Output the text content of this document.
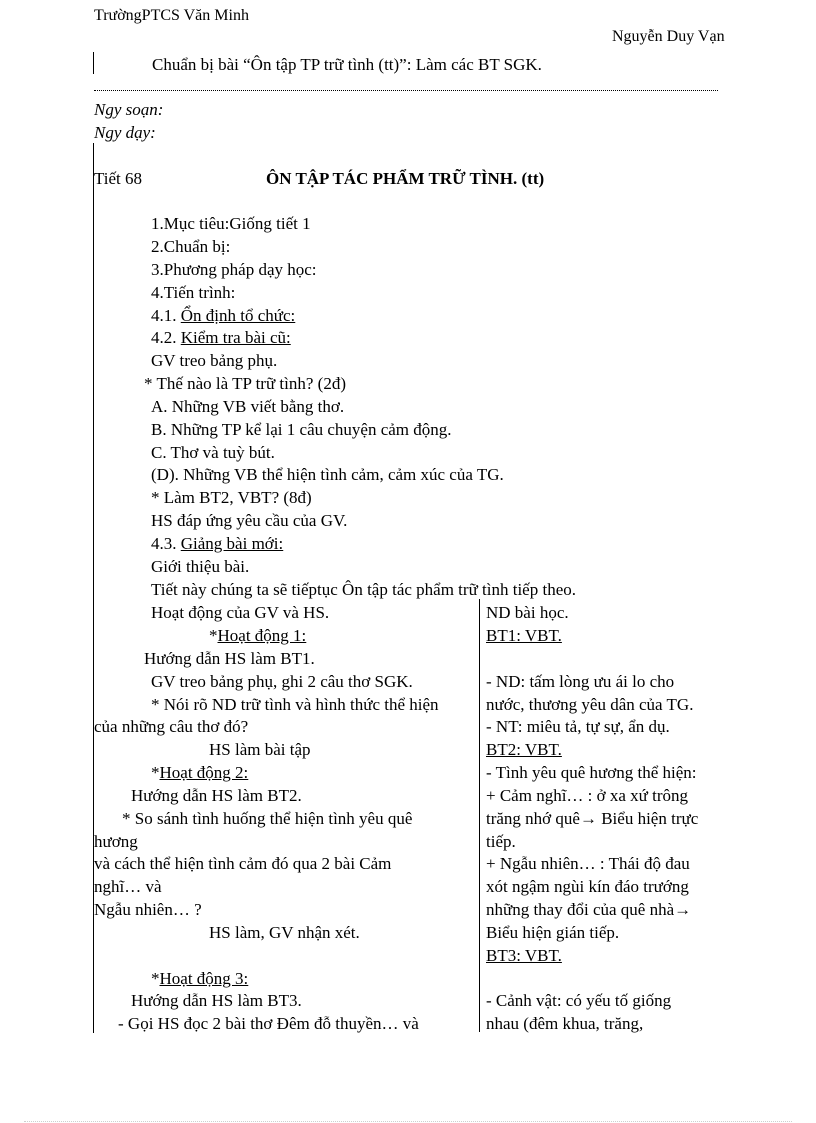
TrườngPTCS Văn Minh
Nguyễn Duy Vạn
Chuẩn bị bài “Ôn tập TP trữ tình (tt)”: Làm các BT SGK.
Ngy soạn:
Ngy dạy:
Tiết 68	ÔN TẬP TÁC PHẨM TRỮ TÌNH. (tt)
1.Mục tiêu:Giống tiết 1
2.Chuẩn bị:
3.Phương pháp dạy học:
4.Tiến trình:
4.1. Ổn định tổ chức:
4.2. Kiểm tra bài cũ:
GV treo bảng phụ.
* Thế nào là TP trữ tình? (2đ)
A. Những VB viết bằng thơ.
B. Những TP kể lại 1 câu chuyện cảm động.
C. Thơ và tuỳ bút.
(D). Những VB thể hiện tình cảm, cảm xúc của TG.
* Làm BT2, VBT? (8đ)
HS đáp ứng yêu cầu của GV.
4.3. Giảng bài mới:
Giới thiệu bài.
Tiết này chúng ta sẽ tiếptục Ôn tập tác phẩm trữ tình tiếp theo.
Hoạt động của GV và HS.
*Hoạt động 1:
Hướng dẫn HS làm BT1.
GV treo bảng phụ, ghi 2 câu thơ SGK.
* Nói rõ ND trữ tình và hình thức thể hiện
của những câu thơ đó?
HS làm bài tập
*Hoạt động 2:
Hướng dẫn HS làm BT2.
* So sánh tình huống thể hiện tình yêu quê
hương
và cách thể hiện tình cảm đó qua 2 bài Cảm
nghĩ… và
Ngẫu nhiên… ?
HS làm, GV nhận xét.
*Hoạt động 3:
Hướng dẫn HS làm BT3.
- Gọi HS đọc 2 bài thơ Đêm đỗ thuyền… và
ND bài học.
BT1: VBT.
- ND: tấm lòng ưu ái lo cho
nước, thương yêu dân của TG.
- NT: miêu tả, tự sự, ẩn dụ.
BT2: VBT.
- Tình yêu quê hương thể hiện:
+ Cảm nghĩ… : ở xa xứ trông
trăng nhớ quê→ Biểu hiện trực
tiếp.
+ Ngẫu nhiên… : Thái độ đau
xót ngậm ngùi kín đáo trướng
những thay đổi của quê nhà→
Biểu hiện gián tiếp.
BT3: VBT.
- Cảnh vật: có yếu tố giống
nhau (đêm khua, trăng,
